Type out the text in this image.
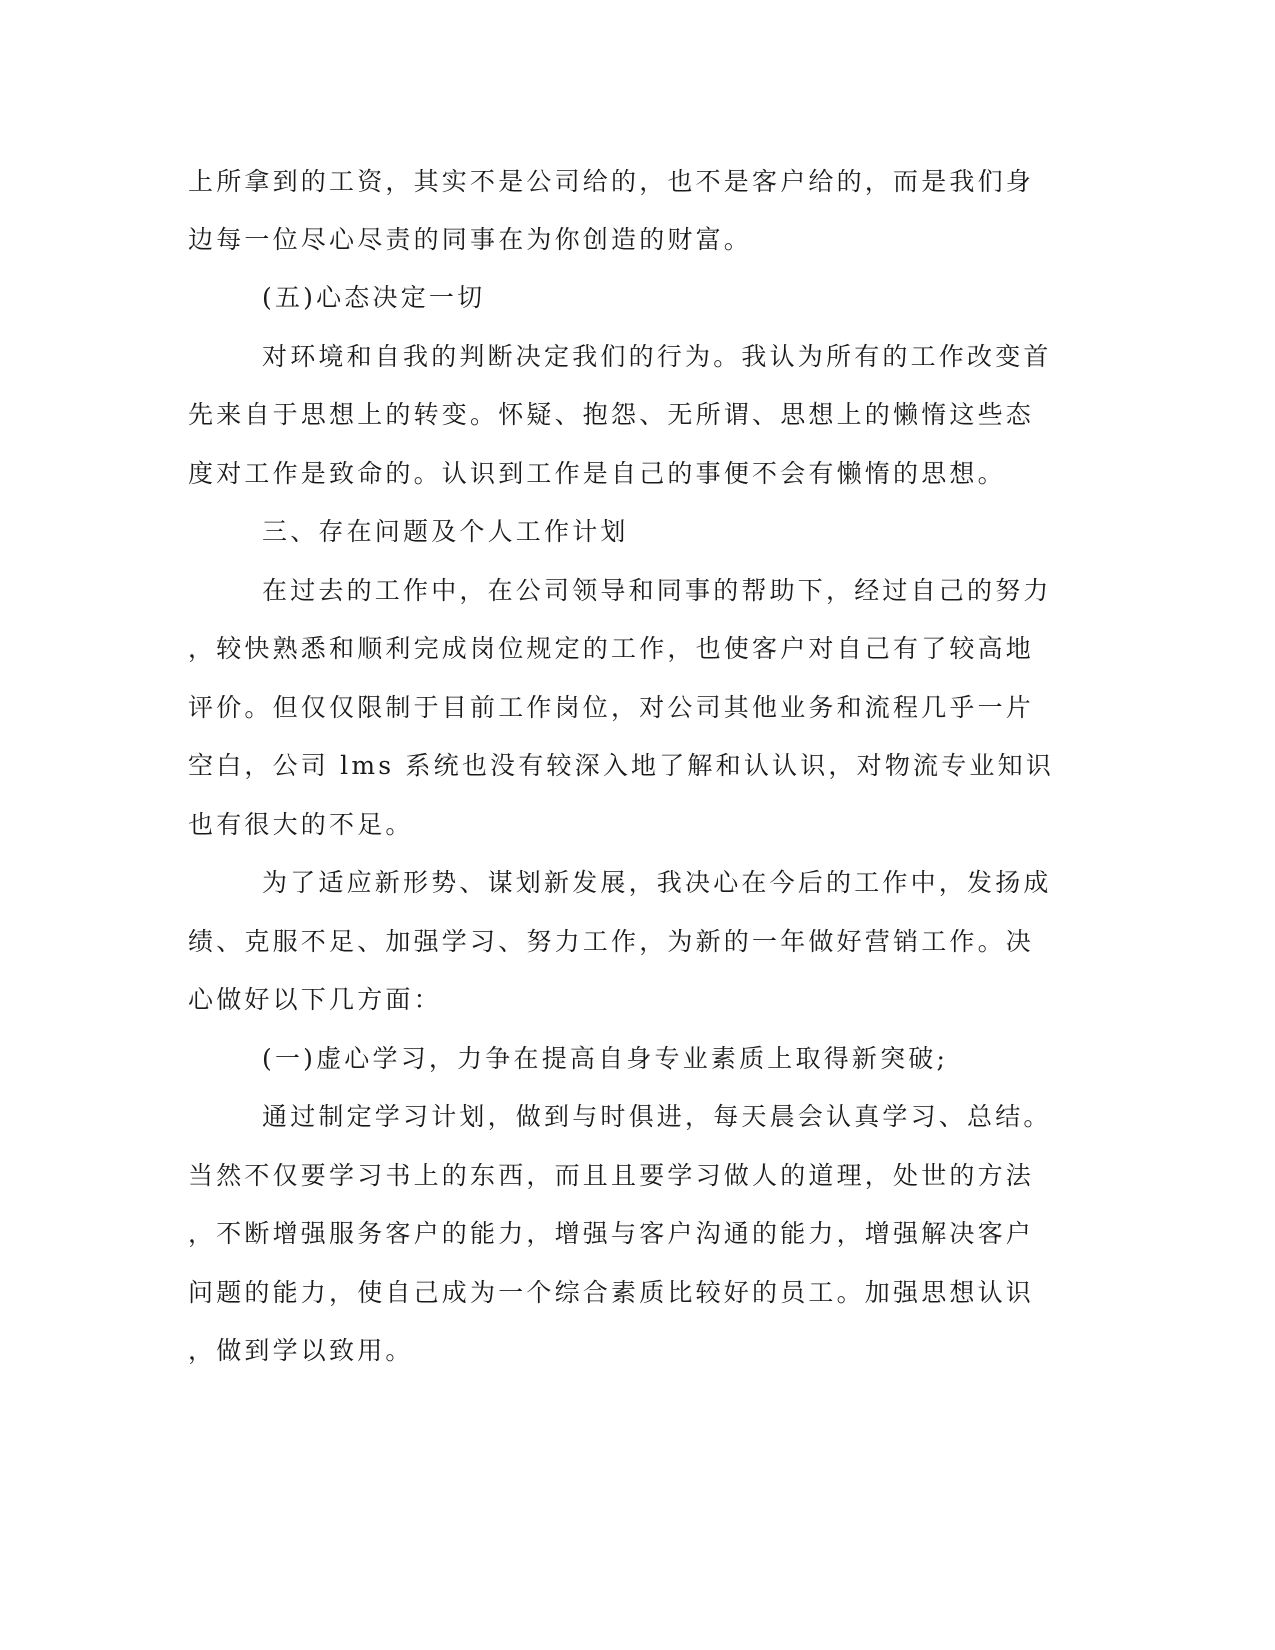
上所拿到的工资，其实不是公司给的，也不是客户给的，而是我们身
边每一位尽心尽责的同事在为你创造的财富。
(五)心态决定一切
对环境和自我的判断决定我们的行为。我认为所有的工作改变首
先来自于思想上的转变。怀疑、抱怨、无所谓、思想上的懒惰这些态
度对工作是致命的。认识到工作是自己的事便不会有懒惰的思想。
三、存在问题及个人工作计划
在过去的工作中，在公司领导和同事的帮助下，经过自己的努力
，较快熟悉和顺利完成岗位规定的工作，也使客户对自己有了较高地
评价。但仅仅限制于目前工作岗位，对公司其他业务和流程几乎一片
空白，公司 lms 系统也没有较深入地了解和认认识，对物流专业知识
也有很大的不足。
为了适应新形势、谋划新发展，我决心在今后的工作中，发扬成
绩、克服不足、加强学习、努力工作，为新的一年做好营销工作。决
心做好以下几方面：
(一)虚心学习，力争在提高自身专业素质上取得新突破;
通过制定学习计划，做到与时俱进，每天晨会认真学习、总结。
当然不仅要学习书上的东西，而且且要学习做人的道理，处世的方法
，不断增强服务客户的能力，增强与客户沟通的能力，增强解决客户
问题的能力，使自己成为一个综合素质比较好的员工。加强思想认识
，做到学以致用。
